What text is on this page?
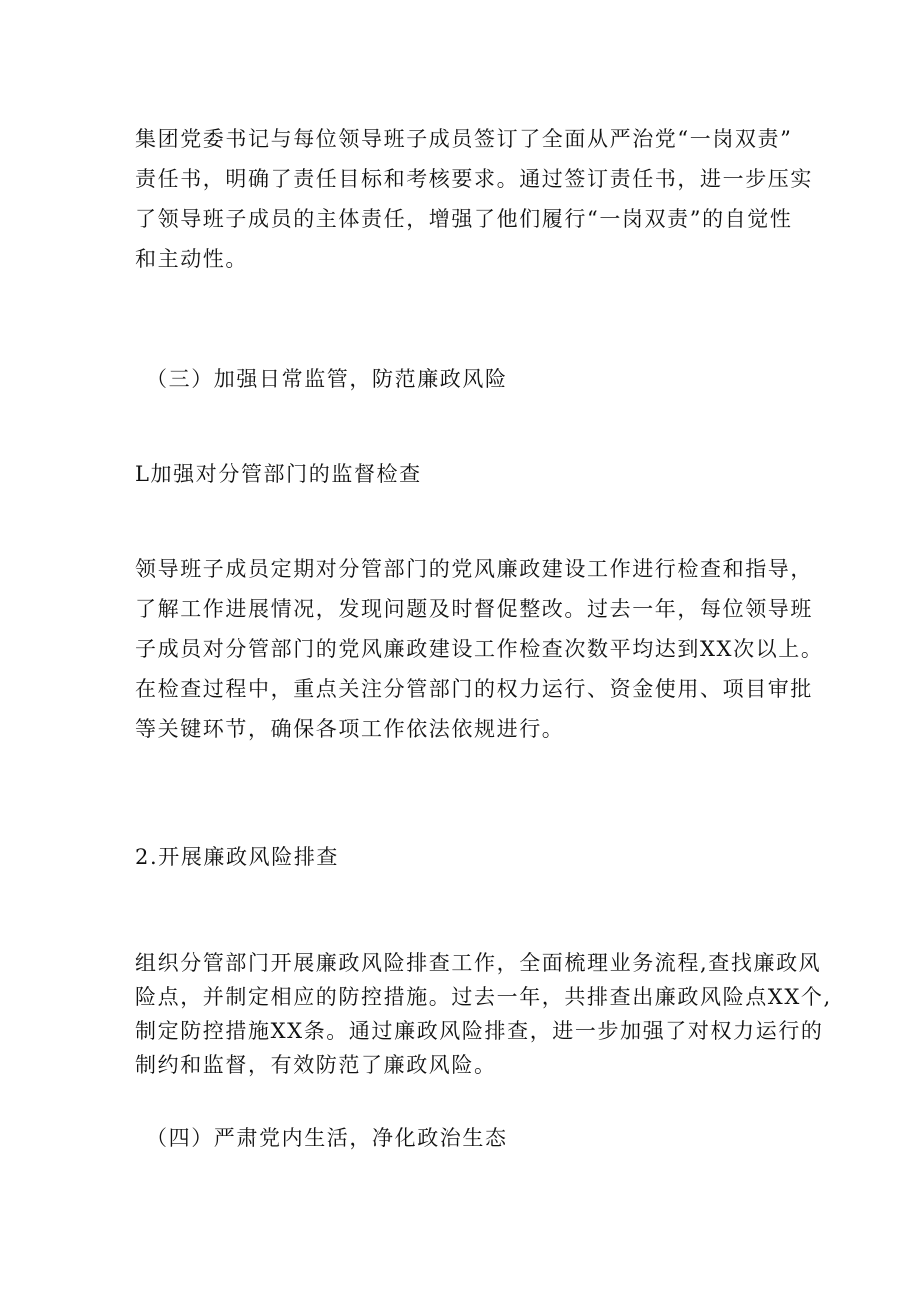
集团党委书记与每位领导班子成员签订了全面从严治党“一岗双责”
责任书，明确了责任目标和考核要求。通过签订责任书，进一步压实
了领导班子成员的主体责任，增强了他们履行“一岗双责”的自觉性
和主动性。
（三）加强日常监管，防范廉政风险
L加强对分管部门的监督检查
领导班子成员定期对分管部门的党风廉政建设工作进行检查和指导，
了解工作进展情况，发现问题及时督促整改。过去一年，每位领导班
子成员对分管部门的党风廉政建设工作检查次数平均达到XX次以上。
在检查过程中，重点关注分管部门的权力运行、资金使用、项目审批
等关键环节，确保各项工作依法依规进行。
2.开展廉政风险排查
组织分管部门开展廉政风险排查工作，全面梳理业务流程,查找廉政风
险点，并制定相应的防控措施。过去一年，共排查出廉政风险点XX个,
制定防控措施XX条。通过廉政风险排查，进一步加强了对权力运行的
制约和监督，有效防范了廉政风险。
（四）严肃党内生活，净化政治生态
